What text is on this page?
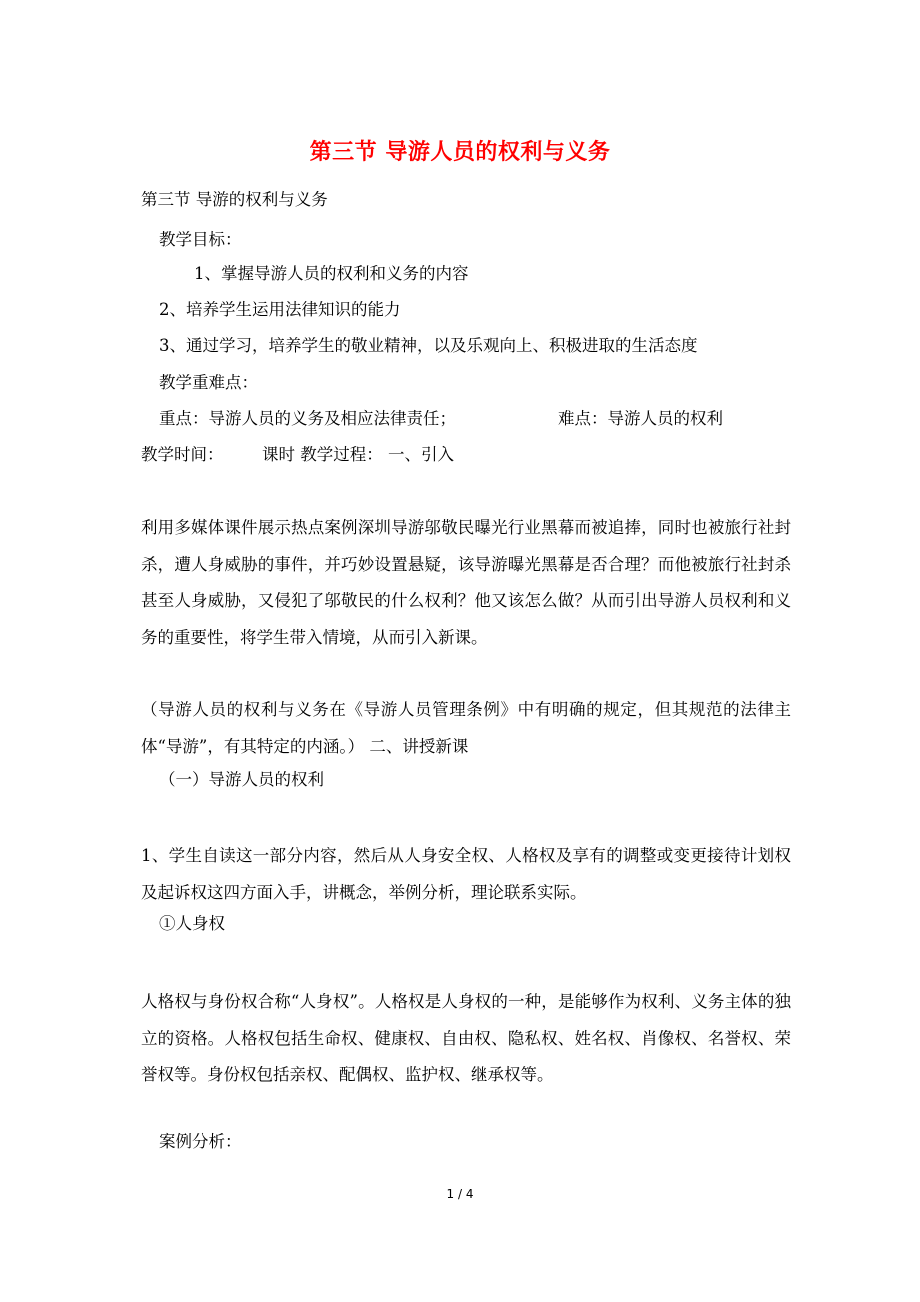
第三节 导游人员的权利与义务
第三节 导游的权利与义务
教学目标：
1、掌握导游人员的权利和义务的内容
2、培养学生运用法律知识的能力
3、通过学习，培养学生的敬业精神，以及乐观向上、积极进取的生活态度
教学重难点：
重点：导游人员的义务及相应法律责任；	难点：导游人员的权利
教学时间： 课时 教学过程： 一、引入
利用多媒体课件展示热点案例深圳导游邬敬民曝光行业黑幕而被追捧，同时也被旅行社封杀，遭人身威胁的事件，并巧妙设置悬疑，该导游曝光黑幕是否合理？而他被旅行社封杀甚至人身威胁，又侵犯了邬敬民的什么权利？他又该怎么做？从而引出导游人员权利和义务的重要性，将学生带入情境，从而引入新课。
（导游人员的权利与义务在《导游人员管理条例》中有明确的规定，但其规范的法律主体“导游”，有其特定的内涵。） 二、讲授新课
（一）导游人员的权利
1、学生自读这一部分内容，然后从人身安全权、人格权及享有的调整或变更接待计划权及起诉权这四方面入手，讲概念，举例分析，理论联系实际。
①人身权
人格权与身份权合称“人身权”。人格权是人身权的一种，是能够作为权利、义务主体的独立的资格。人格权包括生命权、健康权、自由权、隐私权、姓名权、肖像权、名誉权、荣誉权等。身份权包括亲权、配偶权、监护权、继承权等。
案例分析：
1 / 4
